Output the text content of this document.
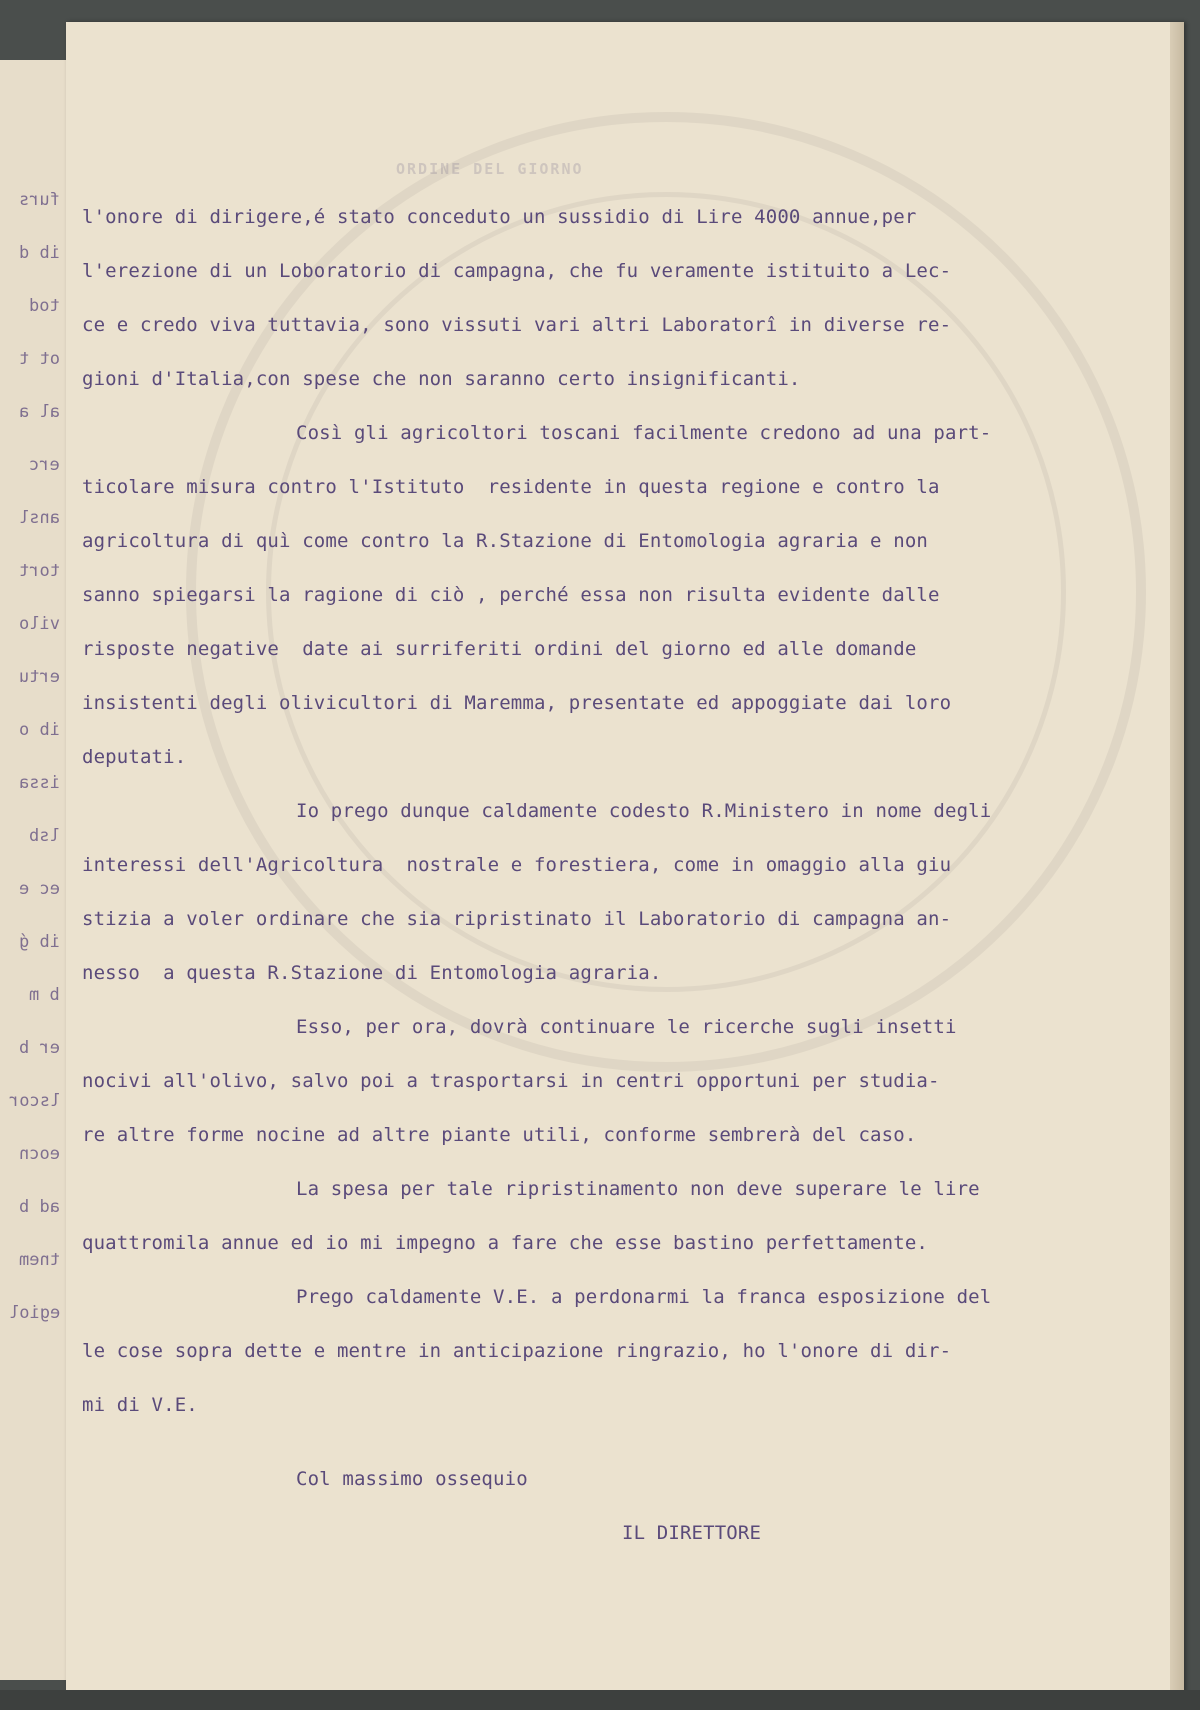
furs
ib d
tod
ot t
al a
erc
ansl
tort
vilo
ertu
ib o
issa
lsb
ec e
ib ǵ
b m
er b
lscor
eocn
ad b
tnem
egiol
ORDINE DEL GIORNO
l'onore di dirigere,é stato conceduto un sussidio di Lire 4000 annue,per
l'erezione di un Loboratorio di campagna, che fu veramente istituito a Lec-
ce e credo viva tuttavia, sono vissuti vari altri Laboratorî in diverse re-
gioni d'Italia,con spese che non saranno certo insignificanti.
Così gli agricoltori toscani facilmente credono ad una part-
ticolare misura contro l'Istituto  residente in questa regione e contro la
agricoltura di quì come contro la R.Stazione di Entomologia agraria e non
sanno spiegarsi la ragione di ciò , perché essa non risulta evidente dalle
risposte negative  date ai surriferiti ordini del giorno ed alle domande
insistenti degli olivicultori di Maremma, presentate ed appoggiate dai loro
deputati.
Io prego dunque caldamente codesto R.Ministero in nome degli
interessi dell'Agricoltura  nostrale e forestiera, come in omaggio alla giu
stizia a voler ordinare che sia ripristinato il Laboratorio di campagna an-
nesso  a questa R.Stazione di Entomologia agraria.
Esso, per ora, dovrà continuare le ricerche sugli insetti
nocivi all'olivo, salvo poi a trasportarsi in centri opportuni per studia-
re altre forme nocine ad altre piante utili, conforme sembrerà del caso.
La spesa per tale ripristinamento non deve superare le lire
quattromila annue ed io mi impegno a fare che esse bastino perfettamente.
Prego caldamente V.E. a perdonarmi la franca esposizione del
le cose sopra dette e mentre in anticipazione ringrazio, ho l'onore di dir-
mi di V.E.
Col massimo ossequio
IL DIRETTORE
